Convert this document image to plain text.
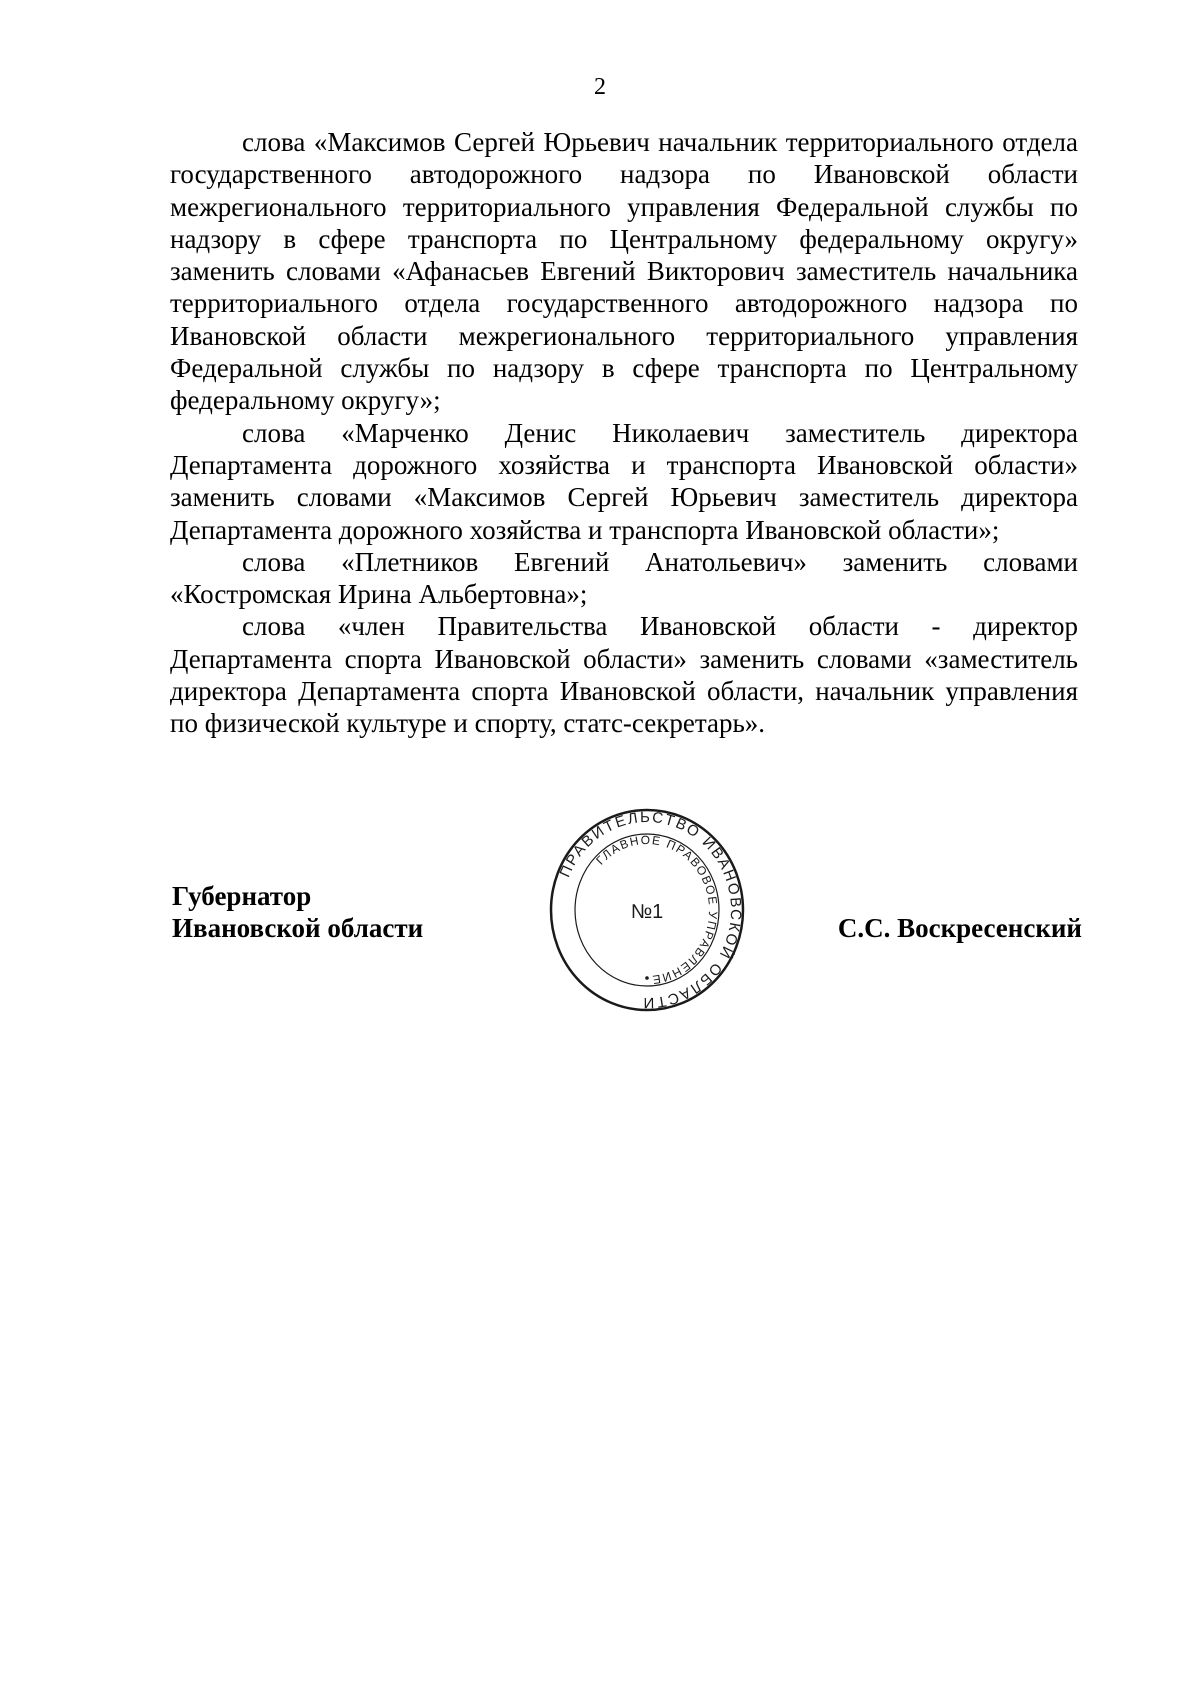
2

слова «Максимов Сергей Юрьевич начальник территориального отдела государственного автодорожного надзора по Ивановской области межрегионального территориального управления Федеральной службы по надзору в сфере транспорта по Центральному федеральному округу» заменить словами «Афанасьев Евгений Викторович заместитель начальника территориального отдела государственного автодорожного надзора по Ивановской области межрегионального территориального управления Федеральной службы по надзору в сфере транспорта по Центральному федеральному округу»;

слова «Марченко Денис Николаевич заместитель директора Департамента дорожного хозяйства и транспорта Ивановской области» заменить словами «Максимов Сергей Юрьевич заместитель директора Департамента дорожного хозяйства и транспорта Ивановской области»;

слова «Плетников Евгений Анатольевич» заменить словами «Костромская Ирина Альбертовна»;

слова «член Правительства Ивановской области - директор Департамента спорта Ивановской области» заменить словами «заместитель директора Департамента спорта Ивановской области, начальник управления по физической культуре и спорту, статс-секретарь».

Губернатор
Ивановской области
ПРАВИТЕЛЬСТВО ИВАНОВСКОЙ ОБЛАСТИ
ГЛАВНОЕ ПРАВОВОЕ УПРАВЛЕНИЕ
№1
С.С. Воскресенский
